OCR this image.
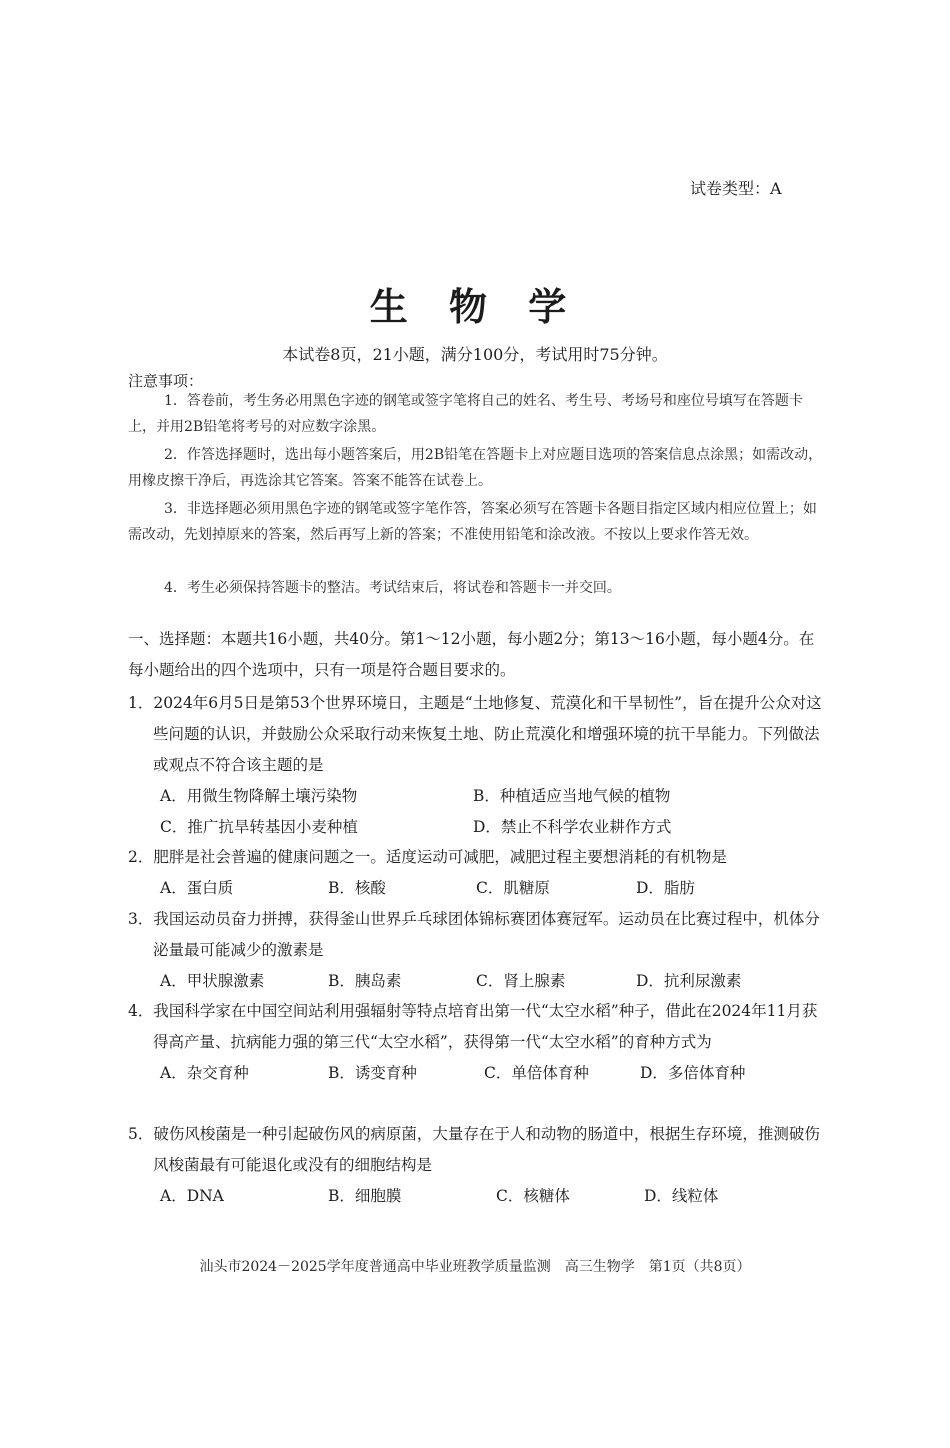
试卷类型：A
生 物 学
本试卷8页，21小题，满分100分，考试用时75分钟。
注意事项：
1．答卷前，考生务必用黑色字迹的钢笔或签字笔将自己的姓名、考生号、考场号和座位号填写在答题卡上，并用2B铅笔将考号的对应数字涂黑。
2．作答选择题时，选出每小题答案后，用2B铅笔在答题卡上对应题目选项的答案信息点涂黑；如需改动，用橡皮擦干净后，再选涂其它答案。答案不能答在试卷上。
3．非选择题必须用黑色字迹的钢笔或签字笔作答，答案必须写在答题卡各题目指定区域内相应位置上；如需改动，先划掉原来的答案，然后再写上新的答案；不准使用铅笔和涂改液。不按以上要求作答无效。
4．考生必须保持答题卡的整洁。考试结束后，将试卷和答题卡一并交回。
一、选择题：本题共16小题，共40分。第1～12小题，每小题2分；第13～16小题，每小题4分。在每小题给出的四个选项中，只有一项是符合题目要求的。
1．2024年6月5日是第53个世界环境日，主题是“土地修复、荒漠化和干旱韧性”，旨在提升公众对这些问题的认识，并鼓励公众采取行动来恢复土地、防止荒漠化和增强环境的抗干旱能力。下列做法或观点不符合该主题的是
A．用微生物降解土壤污染物	B．种植适应当地气候的植物
C．推广抗旱转基因小麦种植	D．禁止不科学农业耕作方式
2．肥胖是社会普遍的健康问题之一。适度运动可减肥，减肥过程主要想消耗的有机物是
A．蛋白质	B．核酸	C．肌糖原	D．脂肪
3．我国运动员奋力拼搏，获得釜山世界乒乓球团体锦标赛团体赛冠军。运动员在比赛过程中，机体分泌量最可能减少的激素是
A．甲状腺激素	B．胰岛素	C．肾上腺素	D．抗利尿激素
4．我国科学家在中国空间站利用强辐射等特点培育出第一代“太空水稻”种子，借此在2024年11月获得高产量、抗病能力强的第三代“太空水稻”，获得第一代“太空水稻”的育种方式为
A．杂交育种	B．诱变育种	C．单倍体育种	D．多倍体育种
5．破伤风梭菌是一种引起破伤风的病原菌，大量存在于人和动物的肠道中，根据生存环境，推测破伤风梭菌最有可能退化或没有的细胞结构是
A．DNA	B．细胞膜	C．核糖体	D．线粒体
汕头市2024－2025学年度普通高中毕业班教学质量监测　高三生物学　第1页（共8页）
